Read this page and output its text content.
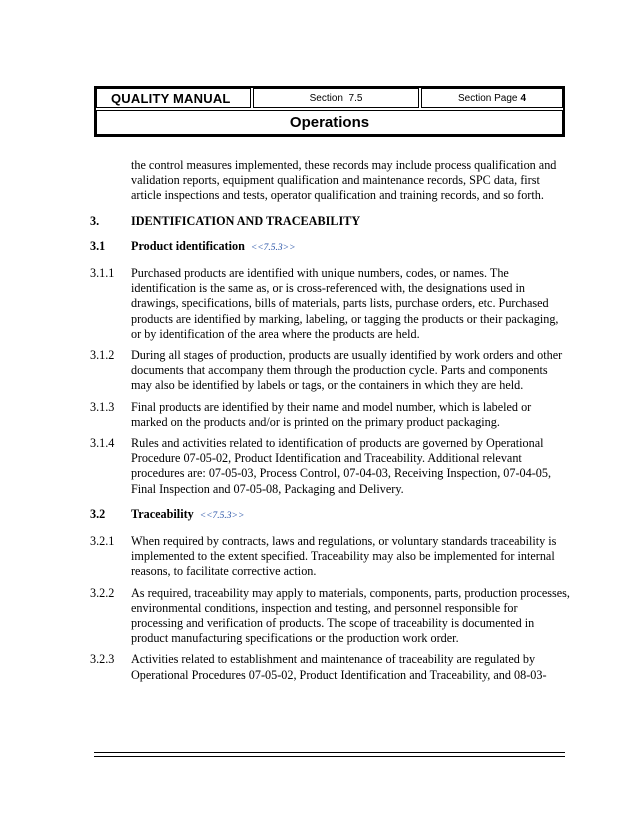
QUALITY MANUAL	Section  7.5	Section Page 4
Operations
the control measures implemented, these records may include process qualification and validation reports, equipment qualification and maintenance records, SPC data, first article inspections and tests, operator qualification and training records, and so forth.
3.	IDENTIFICATION AND TRACEABILITY
3.1	Product identification <<7.5.3>>
3.1.1	Purchased products are identified with unique numbers, codes, or names. The identification is the same as, or is cross-referenced with, the designations used in drawings, specifications, bills of materials, parts lists, purchase orders, etc. Purchased products are identified by marking, labeling, or tagging the products or their packaging, or by identification of the area where the products are held.
3.1.2	During all stages of production, products are usually identified by work orders and other documents that accompany them through the production cycle. Parts and components may also be identified by labels or tags, or the containers in which they are held.
3.1.3	Final products are identified by their name and model number, which is labeled or marked on the products and/or is printed on the primary product packaging.
3.1.4	Rules and activities related to identification of products are governed by Operational Procedure 07-05-02, Product Identification and Traceability. Additional relevant procedures are: 07-05-03, Process Control, 07-04-03, Receiving Inspection, 07-04-05, Final Inspection and 07-05-08, Packaging and Delivery.
3.2	Traceability <<7.5.3>>
3.2.1	When required by contracts, laws and regulations, or voluntary standards traceability is implemented to the extent specified. Traceability may also be implemented for internal reasons, to facilitate corrective action.
3.2.2	As required, traceability may apply to materials, components, parts, production processes, environmental conditions, inspection and testing, and personnel responsible for processing and verification of products. The scope of traceability is documented in product manufacturing specifications or the production work order.
3.2.3	Activities related to establishment and maintenance of traceability are regulated by Operational Procedures 07-05-02, Product Identification and Traceability, and 08-03-
